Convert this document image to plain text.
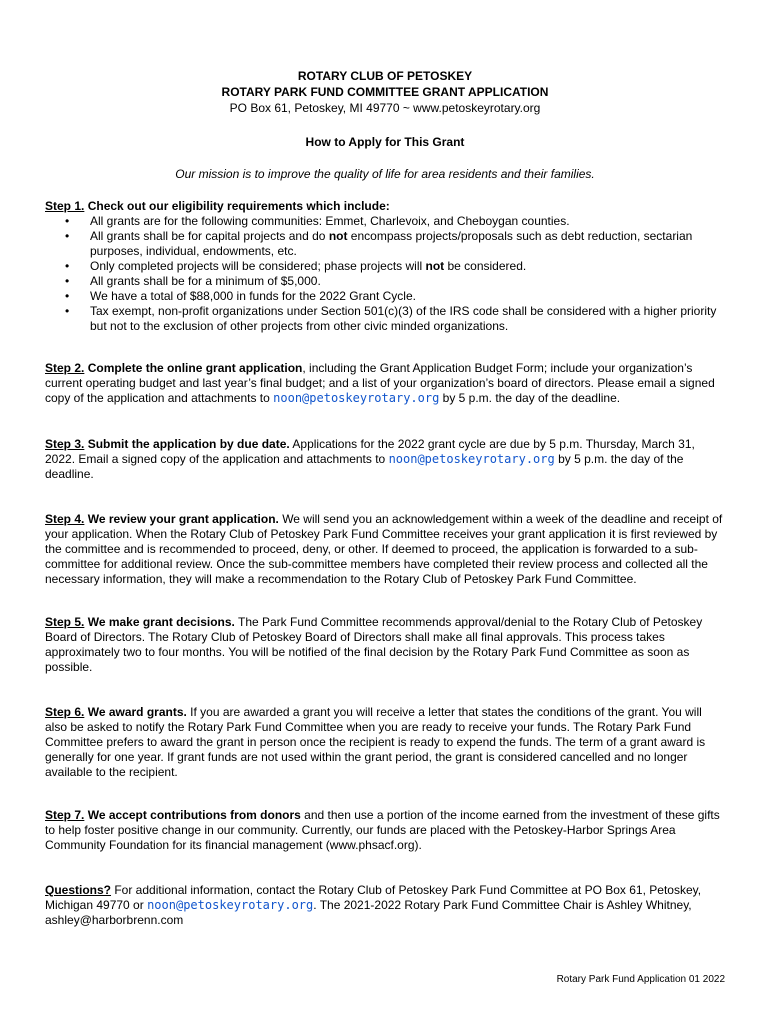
ROTARY CLUB OF PETOSKEY
ROTARY PARK FUND COMMITTEE GRANT APPLICATION
PO Box 61, Petoskey, MI 49770 ~ www.petoskeyrotary.org
How to Apply for This Grant
Our mission is to improve the quality of life for area residents and their families.

Step 1. Check out our eligibility requirements which include:

• All grants are for the following communities: Emmet, Charlevoix, and Cheboygan counties.
• All grants shall be for capital projects and do not encompass projects/proposals such as debt reduction, sectarian purposes, individual, endowments, etc.
• Only completed projects will be considered; phase projects will not be considered.
• All grants shall be for a minimum of $5,000.
• We have a total of $88,000 in funds for the 2022 Grant Cycle.
• Tax exempt, non-profit organizations under Section 501(c)(3) of the IRS code shall be considered with a higher priority but not to the exclusion of other projects from other civic minded organizations.

Step 2. Complete the online grant application, including the Grant Application Budget Form; include your organization’s current operating budget and last year’s final budget; and a list of your organization’s board of directors. Please email a signed copy of the application and attachments to noon@petoskeyrotary.org by 5 p.m. the day of the deadline.

Step 3. Submit the application by due date. Applications for the 2022 grant cycle are due by 5 p.m. Thursday, March 31, 2022. Email a signed copy of the application and attachments to noon@petoskeyrotary.org by 5 p.m. the day of the deadline.

Step 4. We review your grant application. We will send you an acknowledgement within a week of the deadline and receipt of your application. When the Rotary Club of Petoskey Park Fund Committee receives your grant application it is first reviewed by the committee and is recommended to proceed, deny, or other. If deemed to proceed, the application is forwarded to a sub-committee for additional review. Once the sub-committee members have completed their review process and collected all the necessary information, they will make a recommendation to the Rotary Club of Petoskey Park Fund Committee.

Step 5. We make grant decisions. The Park Fund Committee recommends approval/denial to the Rotary Club of Petoskey Board of Directors. The Rotary Club of Petoskey Board of Directors shall make all final approvals. This process takes approximately two to four months. You will be notified of the final decision by the Rotary Park Fund Committee as soon as possible.

Step 6. We award grants. If you are awarded a grant you will receive a letter that states the conditions of the grant. You will also be asked to notify the Rotary Park Fund Committee when you are ready to receive your funds. The Rotary Park Fund Committee prefers to award the grant in person once the recipient is ready to expend the funds. The term of a grant award is generally for one year. If grant funds are not used within the grant period, the grant is considered cancelled and no longer available to the recipient.

Step 7. We accept contributions from donors and then use a portion of the income earned from the investment of these gifts to help foster positive change in our community. Currently, our funds are placed with the Petoskey-Harbor Springs Area Community Foundation for its financial management (www.phsacf.org).

Questions? For additional information, contact the Rotary Club of Petoskey Park Fund Committee at PO Box 61, Petoskey, Michigan 49770 or noon@petoskeyrotary.org. The 2021-2022 Rotary Park Fund Committee Chair is Ashley Whitney, ashley@harborbrenn.com

Rotary Park Fund Application 01 2022
